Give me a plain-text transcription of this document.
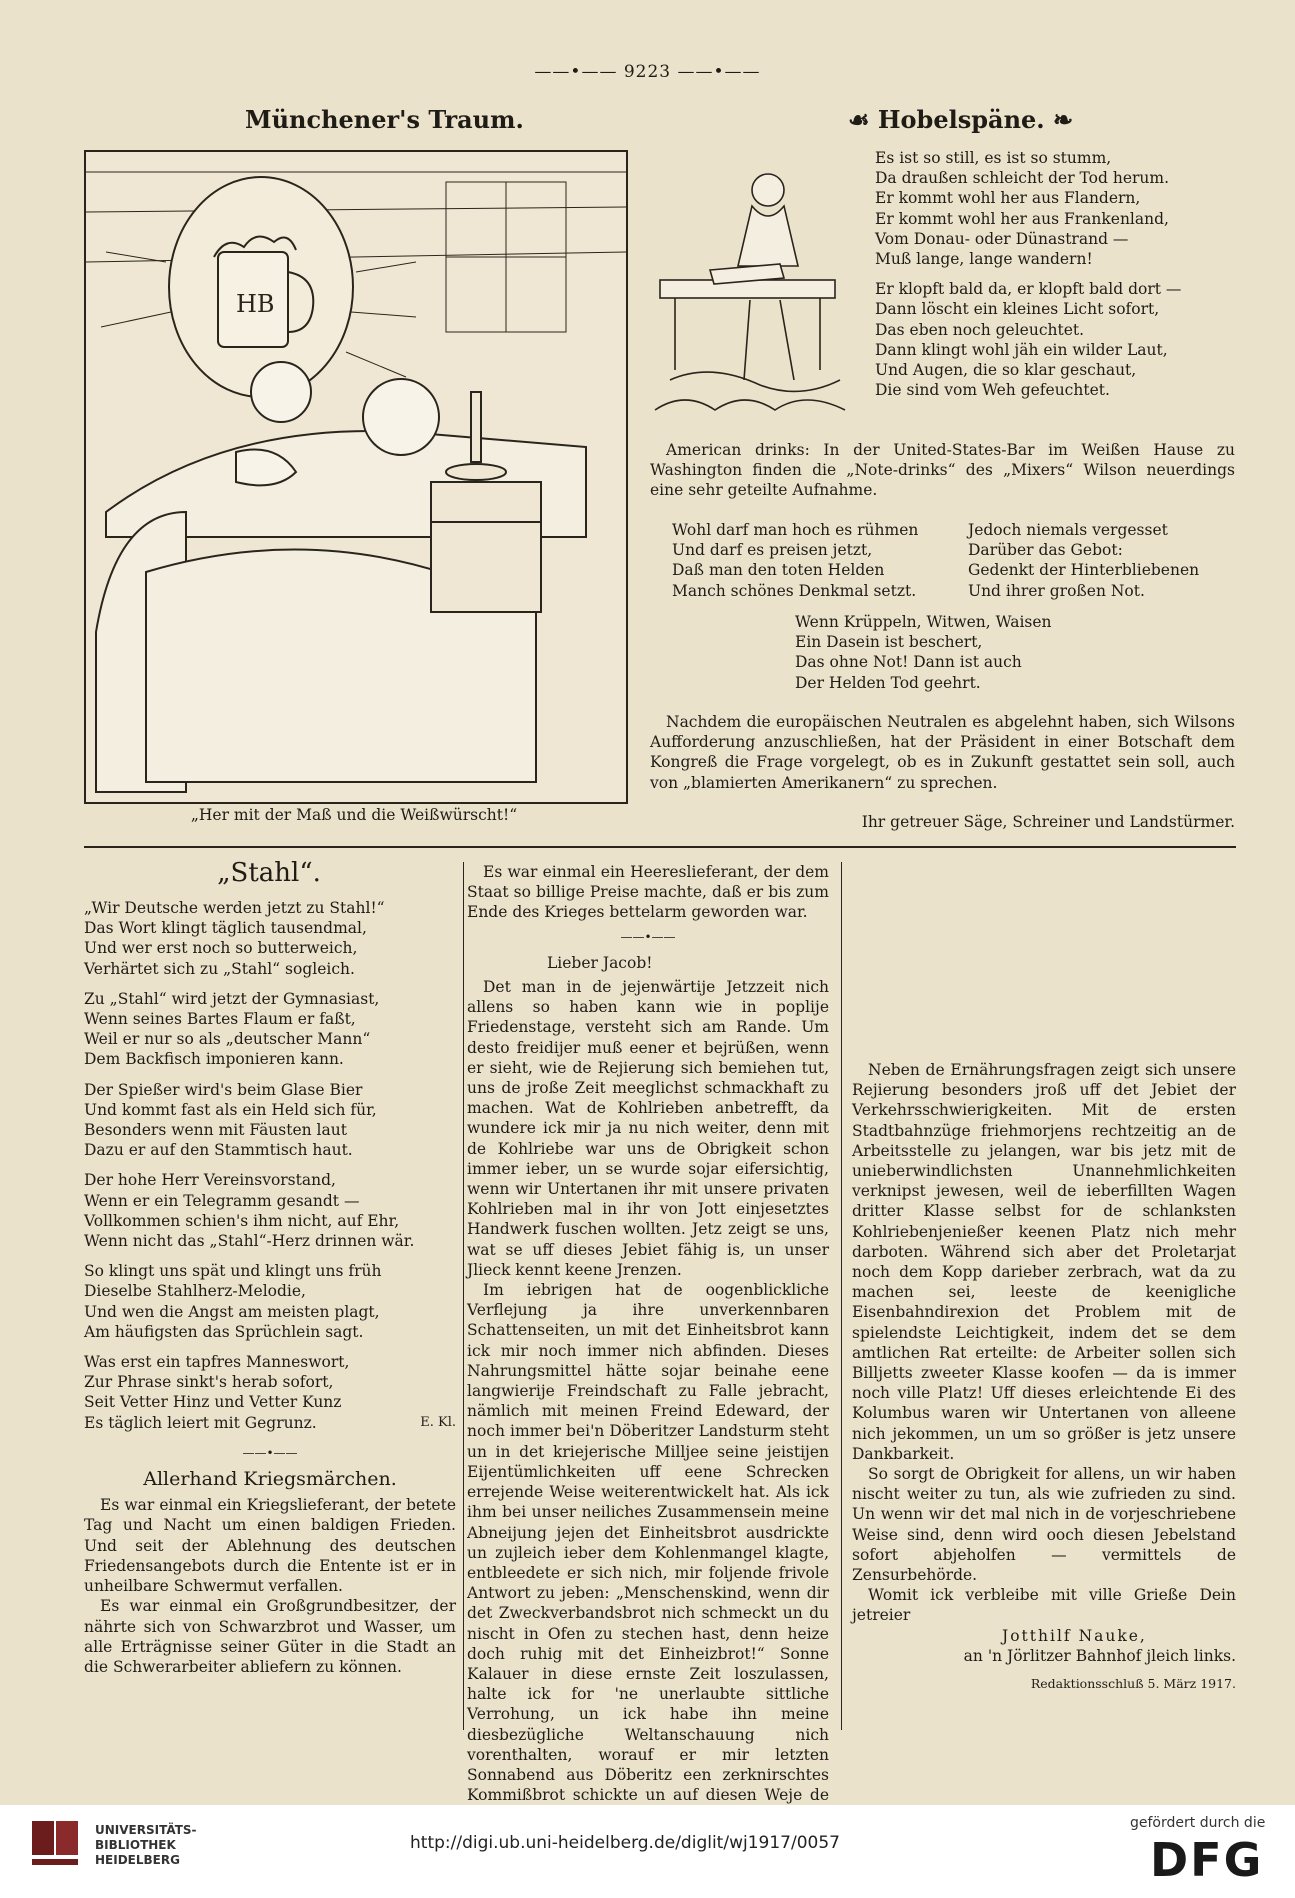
——•—— 9223 ——•——
Münchener's Traum.
HB
„Her mit der Maß und die Weißwürscht!“
☙ Hobelspäne. ❧
Es ist so still, es ist so stumm,
Da draußen schleicht der Tod herum.
Er kommt wohl her aus Flandern,
Er kommt wohl her aus Frankenland,
Vom Donau- oder Dünastrand —
Muß lange, lange wandern!
Er klopft bald da, er klopft bald dort —
Dann löscht ein kleines Licht sofort,
Das eben noch geleuchtet.
Dann klingt wohl jäh ein wilder Laut,
Und Augen, die so klar geschaut,
Die sind vom Weh gefeuchtet.

American drinks: In der United-States-Bar im Weißen Hause zu Washington finden die „Note-drinks“ des „Mixers“ Wilson neuerdings eine sehr geteilte Aufnahme.

Wohl darf man hoch es rühmen
Und darf es preisen jetzt,
Daß man den toten Helden
Manch schönes Denkmal setzt.
Jedoch niemals vergesset
Darüber das Gebot:
Gedenkt der Hinterbliebenen
Und ihrer großen Not.
Wenn Krüppeln, Witwen, Waisen
Ein Dasein ist beschert,
Das ohne Not! Dann ist auch
Der Helden Tod geehrt.

Nachdem die europäischen Neutralen es abgelehnt haben, sich Wilsons Aufforderung anzuschließen, hat der Präsident in einer Botschaft dem Kongreß die Frage vorgelegt, ob es in Zukunft gestattet sein soll, auch von „blamierten Amerikanern“ zu sprechen.

Ihr getreuer Säge, Schreiner und Landstürmer.
„Stahl“.
„Wir Deutsche werden jetzt zu Stahl!“
Das Wort klingt täglich tausendmal,
Und wer erst noch so butterweich,
Verhärtet sich zu „Stahl“ sogleich.
Zu „Stahl“ wird jetzt der Gymnasiast,
Wenn seines Bartes Flaum er faßt,
Weil er nur so als „deutscher Mann“
Dem Backfisch imponieren kann.
Der Spießer wird's beim Glase Bier
Und kommt fast als ein Held sich für,
Besonders wenn mit Fäusten laut
Dazu er auf den Stammtisch haut.
Der hohe Herr Vereinsvorstand,
Wenn er ein Telegramm gesandt —
Vollkommen schien's ihm nicht, auf Ehr,
Wenn nicht das „Stahl“-Herz drinnen wär.
So klingt uns spät und klingt uns früh
Dieselbe Stahlherz-Melodie,
Und wen die Angst am meisten plagt,
Am häufigsten das Sprüchlein sagt.
Was erst ein tapfres Manneswort,
Zur Phrase sinkt's herab sofort,
Seit Vetter Hinz und Vetter Kunz
Es täglich leiert mit Gegrunz.	E. Kl.
——•——
Allerhand Kriegsmärchen.

Es war einmal ein Kriegslieferant, der betete Tag und Nacht um einen baldigen Frieden. Und seit der Ablehnung des deutschen Friedensangebots durch die Entente ist er in unheilbare Schwermut verfallen.

Es war einmal ein Großgrundbesitzer, der nährte sich von Schwarzbrot und Wasser, um alle Erträgnisse seiner Güter in die Stadt an die Schwerarbeiter abliefern zu können.

Es war einmal ein Heereslieferant, der dem Staat so billige Preise machte, daß er bis zum Ende des Krieges bettelarm geworden war.

——•——
Lieber Jacob!

Det man in de jejenwärtije Jetzzeit nich allens so haben kann wie in poplije Friedenstage, versteht sich am Rande. Um desto freidijer muß eener et bejrüßen, wenn er sieht, wie de Rejierung sich bemiehen tut, uns de jroße Zeit meeglichst schmackhaft zu machen. Wat de Kohlrieben anbetrefft, da wundere ick mir ja nu nich weiter, denn mit de Kohlriebe war uns de Obrigkeit schon immer ieber, un se wurde sojar eifersichtig, wenn wir Untertanen ihr mit unsere privaten Kohlrieben mal in ihr von Jott einjesetztes Handwerk fuschen wollten. Jetz zeigt se uns, wat se uff dieses Jebiet fähig is, un unser Jlieck kennt keene Jrenzen.

Im iebrigen hat de oogenblickliche Verflejung ja ihre unverkennbaren Schattenseiten, un mit det Einheitsbrot kann ick mir noch immer nich abfinden. Dieses Nahrungsmittel hätte sojar beinahe eene langwierije Freindschaft zu Falle jebracht, nämlich mit meinen Freind Edeward, der noch immer bei'n Döberitzer Landsturm steht un in det kriejerische Milljee seine jeistijen Eijentümlichkeiten uff eene Schrecken errejende Weise weiterentwickelt hat. Als ick ihm bei unser neiliches Zusammensein meine Abneijung jejen det Einheitsbrot ausdrickte un zujleich ieber dem Kohlenmangel klagte, entbleedete er sich nich, mir foljende frivole Antwort zu jeben: „Menschenskind, wenn dir det Zweckverbandsbrot nich schmeckt un du nischt in Ofen zu stechen hast, denn heize doch ruhig mit det Einheizbrot!“ Sonne Kalauer in diese ernste Zeit loszulassen, halte ick for 'ne unerlaubte sittliche Verrohung, un ick habe ihn meine diesbezügliche Weltanschauung nich vorenthalten, worauf er mir letzten Sonnabend aus Döberitz een zerknirschtes Kommißbrot schickte un auf diesen Weje de

Neben de Ernährungsfragen zeigt sich unsere Rejierung besonders jroß uff det Jebiet der Verkehrsschwierigkeiten. Mit de ersten Stadtbahnzüge friehmorjens rechtzeitig an de Arbeitsstelle zu jelangen, war bis jetz mit de unieberwindlichsten Unannehmlichkeiten verknipst jewesen, weil de ieberfillten Wagen dritter Klasse selbst for de schlanksten Kohlriebenjenießer keenen Platz nich mehr darboten. Während sich aber det Proletarjat noch dem Kopp darieber zerbrach, wat da zu machen sei, leeste de keenigliche Eisenbahndirexion det Problem mit de spielendste Leichtigkeit, indem det se dem amtlichen Rat erteilte: de Arbeiter sollen sich Billjetts zweeter Klasse koofen — da is immer noch ville Platz! Uff dieses erleichtende Ei des Kolumbus waren wir Untertanen von alleene nich jekommen, un um so größer is jetz unsere Dankbarkeit.

So sorgt de Obrigkeit for allens, un wir haben nischt weiter zu tun, als wie zufrieden zu sind. Un wenn wir det mal nich in de vorjeschriebene Weise sind, denn wird ooch diesen Jebelstand sofort abjeholfen — vermittels de Zensurbehörde.

Womit ick verbleibe mit ville Grieße Dein jetreier

Jotthilf Nauke,
an 'n Jörlitzer Bahnhof jleich links.
Redaktionsschluß 5. März 1917.
UNIVERSITÄTS-
BIBLIOTHEK
HEIDELBERG
http://digi.ub.uni-heidelberg.de/diglit/wj1917/0057
gefördert durch die
DFG
